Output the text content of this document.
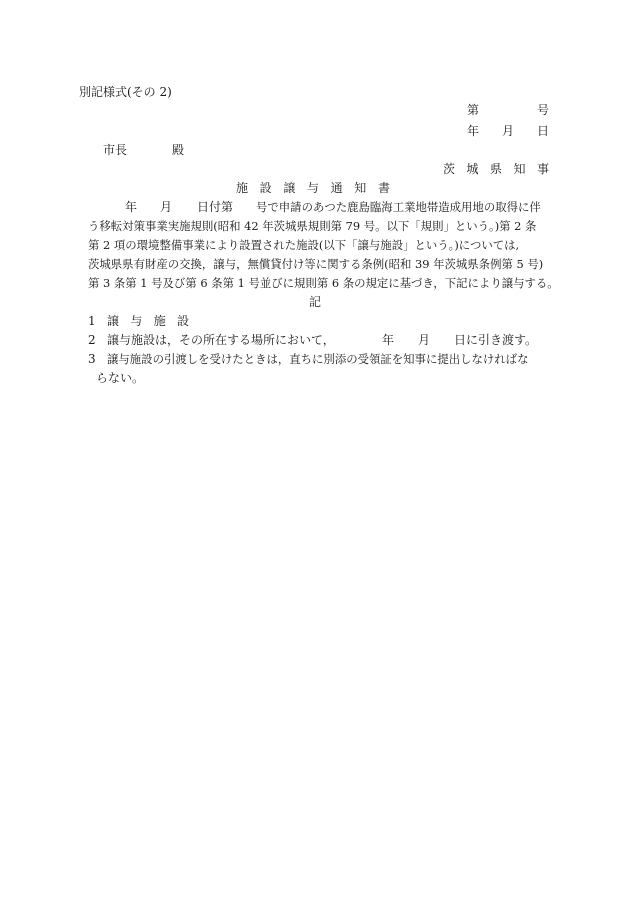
別記様式(その 2)
第	号
年 月 日
市長	殿
茨 城 県 知 事
施 設 譲 与 通 知 書
年 月 日付第 号で申請のあつた鹿島臨海工業地帯造成用地の取得に伴
う移転対策事業実施規則(昭和 42 年茨城県規則第 79 号。以下「規則」という。)第 2 条
第 2 項の環境整備事業により設置された施設(以下「譲与施設」という。)については,
茨城県県有財産の交換，譲与，無償貸付け等に関する条例(昭和 39 年茨城県条例第 5 号)
第 3 条第 1 号及び第 6 条第 1 号並びに規則第 6 条の規定に基づき，下記により譲与する。
記
1 譲 与 施 設
2 譲与施設は，その所在する場所において，	年 月 日に引き渡す。
3 譲与施設の引渡しを受けたときは，直ちに別添の受領証を知事に提出しなければな
らない。
